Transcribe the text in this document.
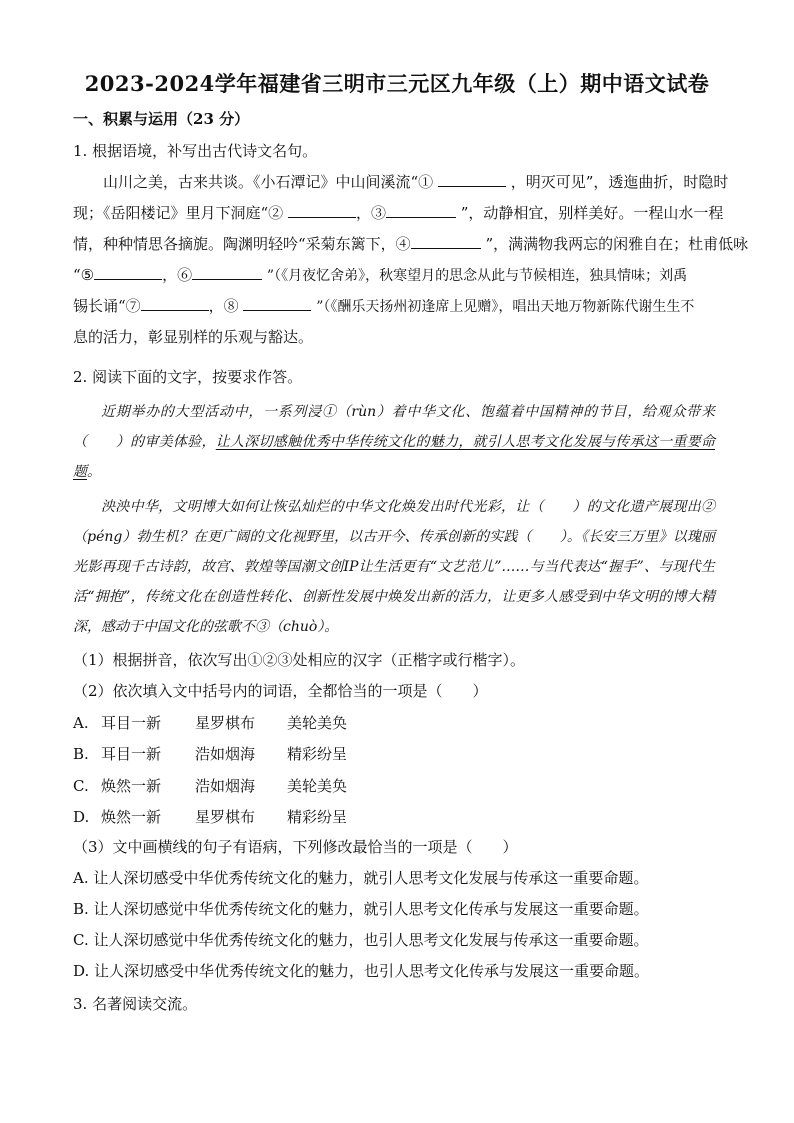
2023-2024学年福建省三明市三元区九年级（上）期中语文试卷
一、积累与运用（23 分）
1. 根据语境，补写出古代诗文名句。
山川之美，古来共谈。《小石潭记》中山间溪流“①	，明灭可见”，透迤曲折，时隐时
现；《岳阳楼记》里月下洞庭“②	，③	”，动静相宜，别样美好。一程山水一程
情，种种情思各摘旎。陶渊明轻吟“采菊东篱下，④	”，满满物我两忘的闲雅自在；杜甫低咏
“⑤	，⑥	”（《月夜忆舍弟》，秋寒望月的思念从此与节候相连，独具情味；刘禹
锡长诵“⑦	，⑧	”（《酬乐天扬州初逢席上见赠》，唱出天地万物新陈代谢生生不
息的活力，彰显别样的乐观与豁达。
2. 阅读下面的文字，按要求作答。
近期举办的大型活动中，一系列浸①（rùn）着中华文化、饱蕴着中国精神的节目，给观众带来（　　）的审美体验，让人深切感触优秀中华传统文化的魅力，就引人思考文化发展与传承这一重要命题。
泱泱中华，文明博大如何让恢弘灿烂的中华文化焕发出时代光彩，让（　　）的文化遗产展现出②（péng）勃生机？在更广阔的文化视野里，以古开今、传承创新的实践（　　）。《长安三万里》以瑰丽光影再现千古诗韵，故宫、敦煌等国潮文创IP让生活更有“文艺范儿”……与当代表达“握手”、与现代生活“拥抱”，传统文化在创造性转化、创新性发展中焕发出新的活力，让更多人感受到中华文明的博大精深，感动于中国文化的弦歌不③（chuò）。
（1）根据拼音，依次写出①②③处相应的汉字（正楷字或行楷字）。
（2）依次填入文中括号内的词语，全都恰当的一项是（　　）
A. 耳目一新 星罗棋布 美轮美奂
B. 耳目一新 浩如烟海 精彩纷呈
C. 焕然一新 浩如烟海 美轮美奂
D. 焕然一新 星罗棋布 精彩纷呈
（3）文中画横线的句子有语病，下列修改最恰当的一项是（　　）
A. 让人深切感受中华优秀传统文化的魅力，就引人思考文化发展与传承这一重要命题。
B. 让人深切感觉中华优秀传统文化的魅力，就引人思考文化传承与发展这一重要命题。
C. 让人深切感觉中华优秀传统文化的魅力，也引人思考文化发展与传承这一重要命题。
D. 让人深切感受中华优秀传统文化的魅力，也引人思考文化传承与发展这一重要命题。
3. 名著阅读交流。
